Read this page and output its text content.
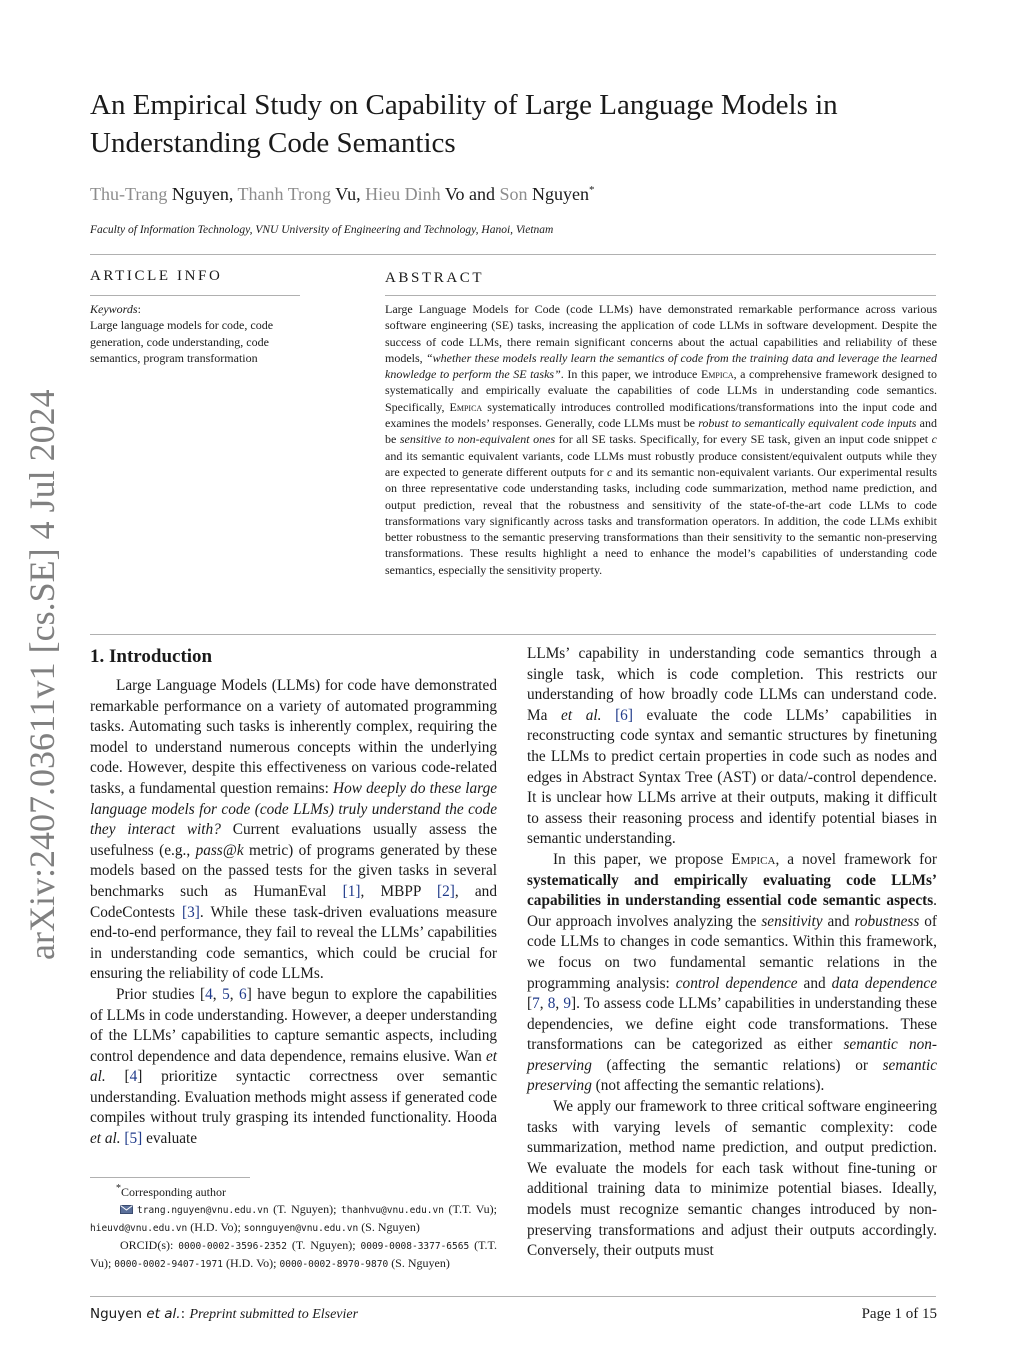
An Empirical Study on Capability of Large Language Models in
Understanding Code Semantics
Thu-Trang Nguyen, Thanh Trong Vu, Hieu Dinh Vo and Son Nguyen*
Faculty of Information Technology, VNU University of Engineering and Technology, Hanoi, Vietnam
ARTICLE INFO
Keywords:
Large language models for code, code generation, code understanding, code semantics, program transformation
ABSTRACT
Large Language Models for Code (code LLMs) have demonstrated remarkable performance across various software engineering (SE) tasks, increasing the application of code LLMs in software development. Despite the success of code LLMs, there remain significant concerns about the actual capabilities and reliability of these models, “whether these models really learn the semantics of code from the training data and leverage the learned knowledge to perform the SE tasks”. In this paper, we introduce Empica, a comprehensive framework designed to systematically and empirically evaluate the capabilities of code LLMs in understanding code semantics. Specifically, Empica systematically introduces controlled modifications/transformations into the input code and examines the models’ responses. Generally, code LLMs must be robust to semantically equivalent code inputs and be sensitive to non-equivalent ones for all SE tasks. Specifically, for every SE task, given an input code snippet c and its semantic equivalent variants, code LLMs must robustly produce consistent/equivalent outputs while they are expected to generate different outputs for c and its semantic non-equivalent variants. Our experimental results on three representative code understanding tasks, including code summarization, method name prediction, and output prediction, reveal that the robustness and sensitivity of the state-of-the-art code LLMs to code transformations vary significantly across tasks and transformation operators. In addition, the code LLMs exhibit better robustness to the semantic preserving transformations than their sensitivity to the semantic non-preserving transformations. These results highlight a need to enhance the model’s capabilities of understanding code semantics, especially the sensitivity property.
1. Introduction

Large Language Models (LLMs) for code have demonstrated remarkable performance on a variety of automated programming tasks. Automating such tasks is inherently complex, requiring the model to understand numerous concepts within the underlying code. However, despite this effectiveness on various code-related tasks, a fundamental question remains: How deeply do these large language models for code (code LLMs) truly understand the code they interact with? Current evaluations usually assess the usefulness (e.g., pass@k metric) of programs generated by these models based on the passed tests for the given tasks in several benchmarks such as HumanEval [1], MBPP [2], and CodeContests [3]. While these task-driven evaluations measure end-to-end performance, they fail to reveal the LLMs’ capabilities in understanding code semantics, which could be crucial for ensuring the reliability of code LLMs.

Prior studies [4, 5, 6] have begun to explore the capabilities of LLMs in code understanding. However, a deeper understanding of the LLMs’ capabilities to capture semantic aspects, including control dependence and data dependence, remains elusive. Wan et al. [4] prioritize syntactic correctness over semantic understanding. Evaluation methods might assess if generated code compiles without truly grasping its intended functionality. Hooda et al. [5] evaluate

*Corresponding author
trang.nguyen@vnu.edu.vn (T. Nguyen); thanhvu@vnu.edu.vn (T.T. Vu); hieuvd@vnu.edu.vn (H.D. Vo); sonnguyen@vnu.edu.vn (S. Nguyen)
ORCID(s): 0000-0002-3596-2352 (T. Nguyen); 0009-0008-3377-6565 (T.T. Vu); 0000-0002-9407-1971 (H.D. Vo); 0000-0002-8970-9870 (S. Nguyen)

LLMs’ capability in understanding code semantics through a single task, which is code completion. This restricts our understanding of how broadly code LLMs can understand code. Ma et al. [6] evaluate the code LLMs’ capabilities in reconstructing code syntax and semantic structures by finetuning the LLMs to predict certain properties in code such as nodes and edges in Abstract Syntax Tree (AST) or data/-control dependence. It is unclear how LLMs arrive at their outputs, making it difficult to assess their reasoning process and identify potential biases in semantic understanding.

In this paper, we propose Empica, a novel framework for systematically and empirically evaluating code LLMs’ capabilities in understanding essential code semantic aspects. Our approach involves analyzing the sensitivity and robustness of code LLMs to changes in code semantics. Within this framework, we focus on two fundamental semantic relations in the programming analysis: control dependence and data dependence [7, 8, 9]. To assess code LLMs’ capabilities in understanding these dependencies, we define eight code transformations. These transformations can be categorized as either semantic non-preserving (affecting the semantic relations) or semantic preserving (not affecting the semantic relations).

We apply our framework to three critical software engineering tasks with varying levels of semantic complexity: code summarization, method name prediction, and output prediction. We evaluate the models for each task without fine-tuning or additional training data to minimize potential biases. Ideally, models must recognize semantic changes introduced by non-preserving transformations and adjust their outputs accordingly. Conversely, their outputs must

Nguyen et al.: Preprint submitted to Elsevier	Page 1 of 15
arXiv:2407.03611v1 [cs.SE] 4 Jul 2024
